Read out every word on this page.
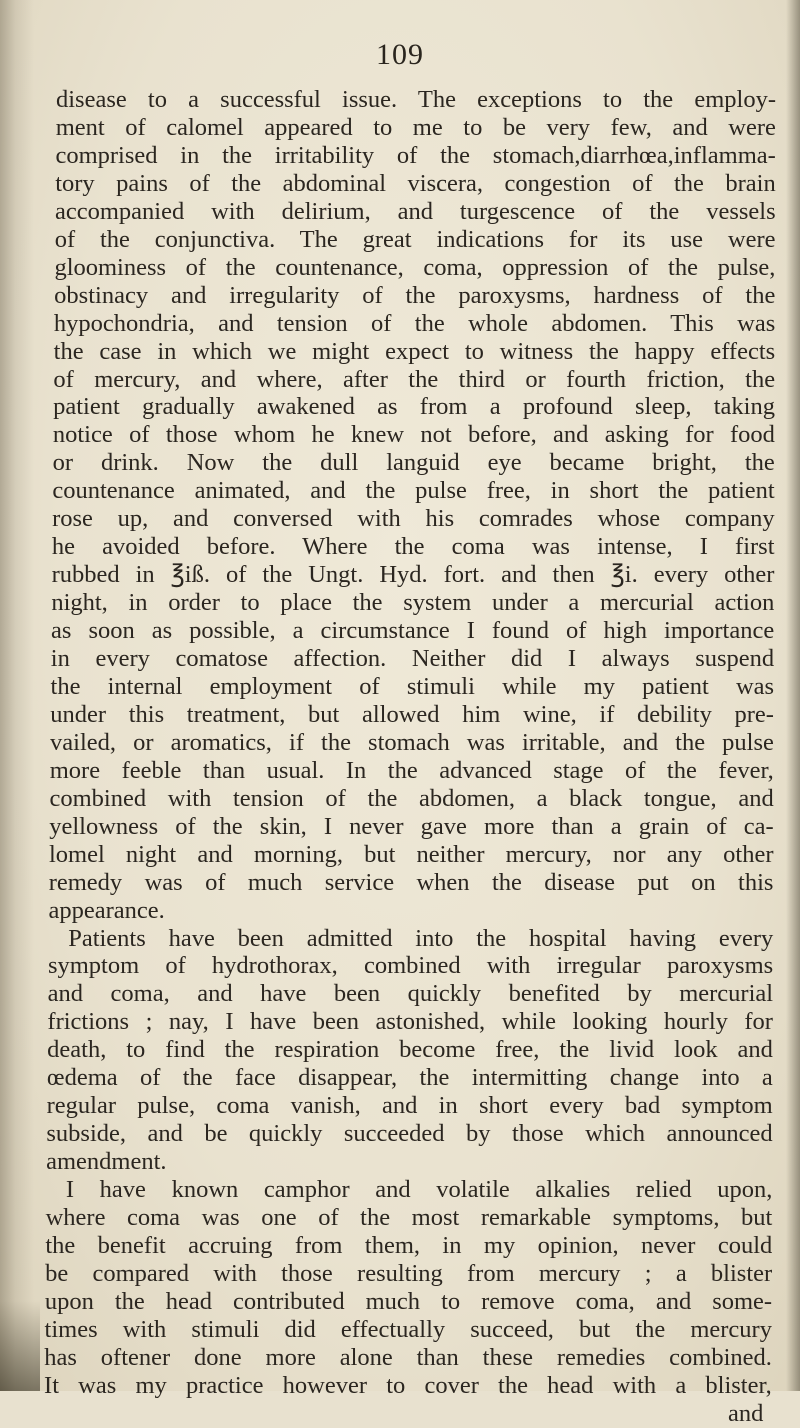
109
disease to a successful issue. The exceptions to the employ-
ment of calomel appeared to me to be very few, and were
comprised in the irritability of the stomach,diarrhœa,inflamma-
tory pains of the abdominal viscera, congestion of the brain
accompanied with delirium, and turgescence of the vessels
of the conjunctiva. The great indications for its use were
gloominess of the countenance, coma, oppression of the pulse,
obstinacy and irregularity of the paroxysms, hardness of the
hypochondria, and tension of the whole abdomen. This was
the case in which we might expect to witness the happy effects
of mercury, and where, after the third or fourth friction, the
patient gradually awakened as from a profound sleep, taking
notice of those whom he knew not before, and asking for food
or drink. Now the dull languid eye became bright, the
countenance animated, and the pulse free, in short the patient
rose up, and conversed with his comrades whose company
he avoided before. Where the coma was intense, I first
rubbed in ℥iß. of the Ungt. Hyd. fort. and then ℥i. every other
night, in order to place the system under a mercurial action
as soon as possible, a circumstance I found of high importance
in every comatose affection. Neither did I always suspend
the internal employment of stimuli while my patient was
under this treatment, but allowed him wine, if debility pre-
vailed, or aromatics, if the stomach was irritable, and the pulse
more feeble than usual. In the advanced stage of the fever,
combined with tension of the abdomen, a black tongue, and
yellowness of the skin, I never gave more than a grain of ca-
lomel night and morning, but neither mercury, nor any other
remedy was of much service when the disease put on this
appearance.
Patients have been admitted into the hospital having every
symptom of hydrothorax, combined with irregular paroxysms
and coma, and have been quickly benefited by mercurial
frictions ; nay, I have been astonished, while looking hourly for
death, to find the respiration become free, the livid look and
œdema of the face disappear, the intermitting change into a
regular pulse, coma vanish, and in short every bad symptom
subside, and be quickly succeeded by those which announced
amendment.
I have known camphor and volatile alkalies relied upon,
where coma was one of the most remarkable symptoms, but
the benefit accruing from them, in my opinion, never could
be compared with those resulting from mercury ; a blister
upon the head contributed much to remove coma, and some-
times with stimuli did effectually succeed, but the mercury
has oftener done more alone than these remedies combined.
It was my practice however to cover the head with a blister,
and
